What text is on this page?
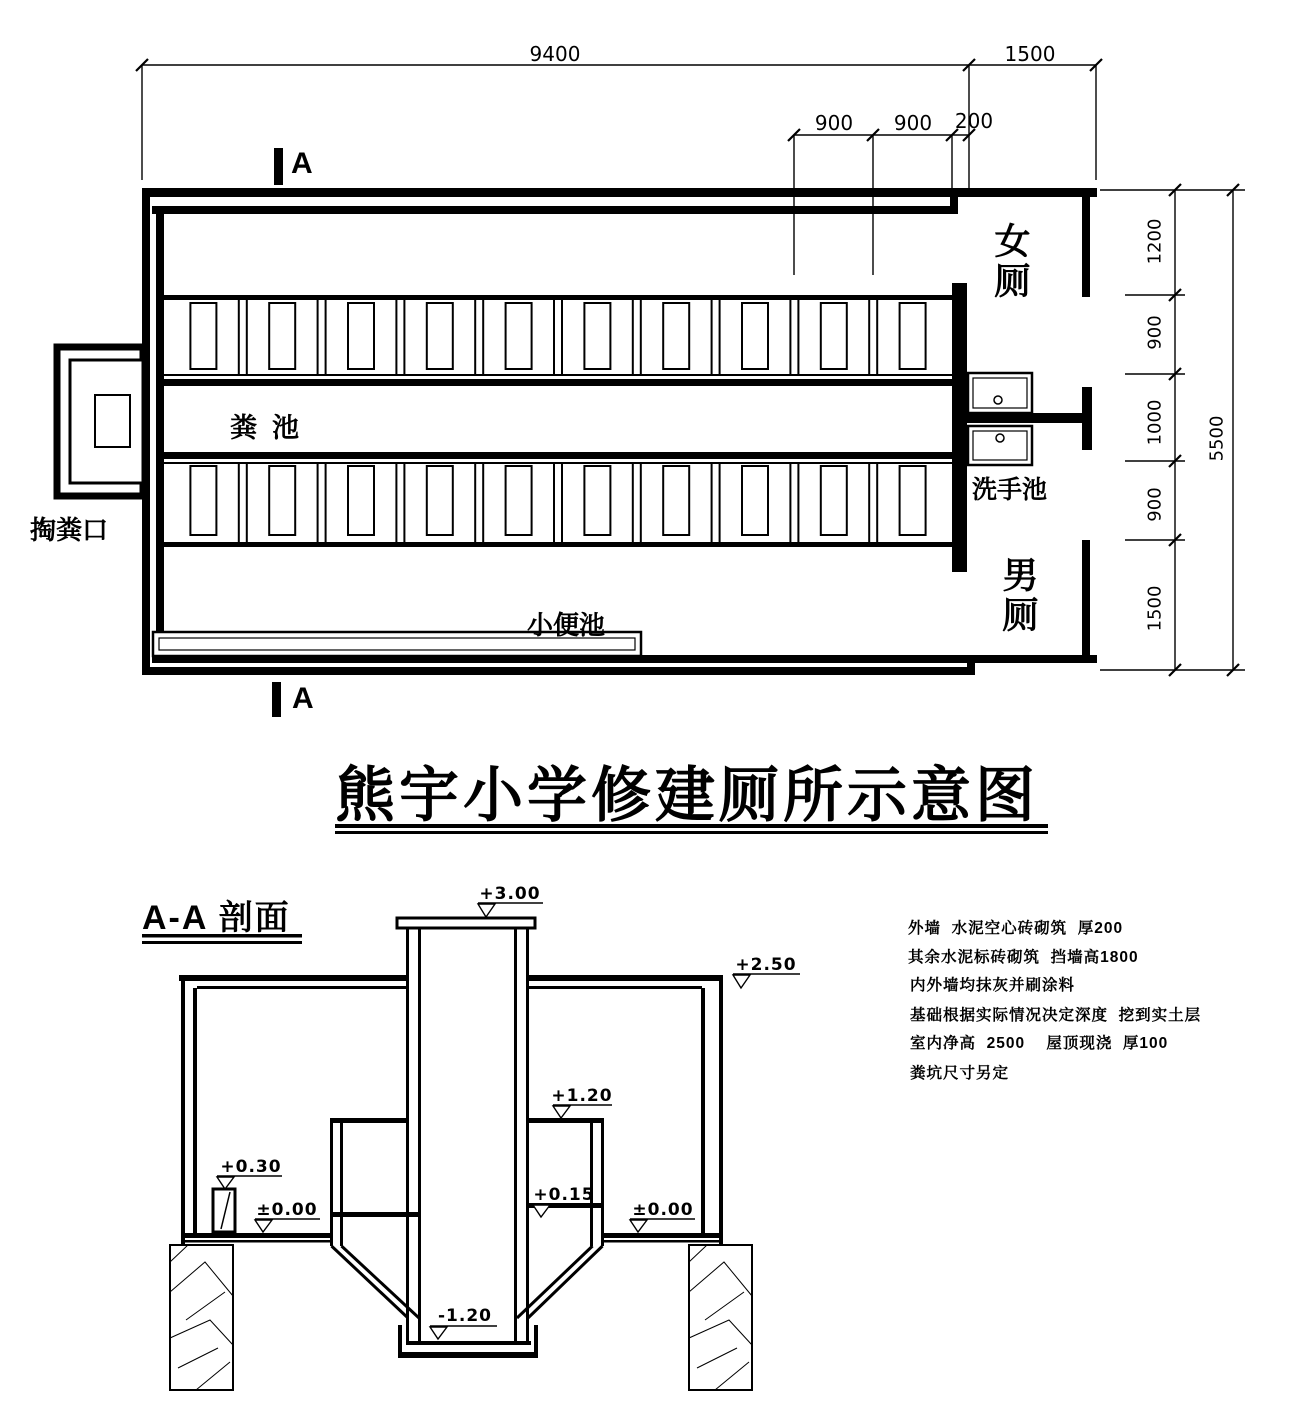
9400	1500
900	900	200
1200
900
1000
900
1500
5500
A
A
粪  池
小便池
掏粪口
洗手池
女厕
男厕
熊宇小学修建厕所示意图
A-A 剖面
+3.00
+2.50
+1.20
+0.30
±0.00
+0.15
±0.00
-1.20
外墙  水泥空心砖砌筑  厚200
其余水泥标砖砌筑  挡墙高1800
内外墙均抹灰并刷涂料
基础根据实际情况决定深度  挖到实土层
室内净高  2500    屋顶现浇  厚100
粪坑尺寸另定
